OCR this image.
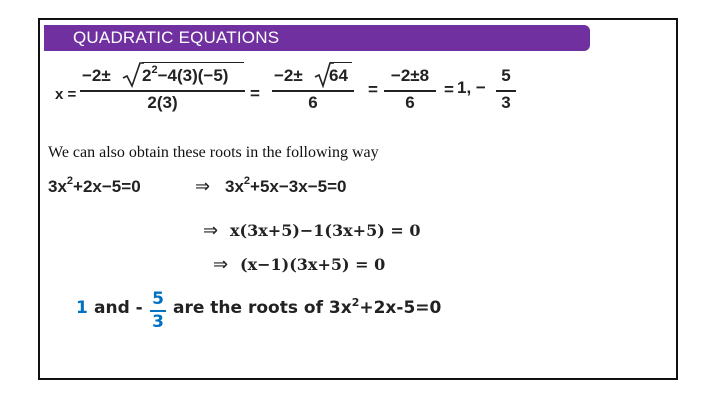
QUADRATIC EQUATIONS
x =
$-2\pm 2^2-4(3)(-5)$
2(3)	=
−2± 64
6
=
−2±8
6
= 1, −
5
3
We can also obtain these roots in the following way
$3x^2+2x-5=0$	⇒ $3x^2+5x-3x-5=0$
⇒ x(3x+5)−1(3x+5) = 0
⇒ (x−1)(3x+5) = 0
1 and - 5
3
are the roots of $3x^2+2x-5=0$
